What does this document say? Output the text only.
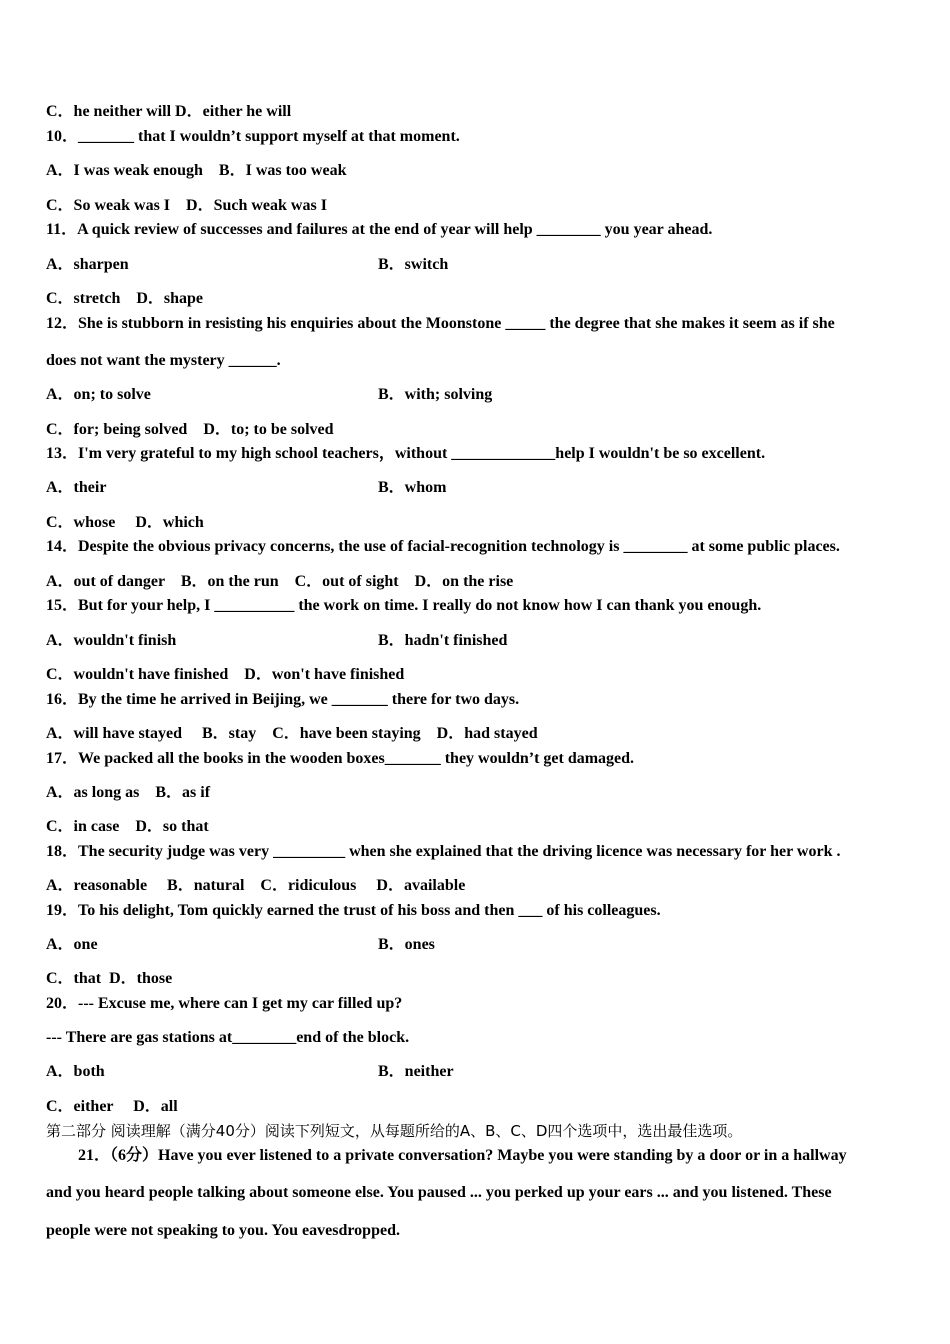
C．he neither will D．either he will
10．_______ that I wouldn’t support myself at that moment.
A．I was weak enough　B．I was too weak
C．So weak was I　D．Such weak was I
11．A quick review of successes and failures at the end of year will help ________ you year ahead.
A．sharpen	B．switch
C．stretch　D．shape
12．She is stubborn in resisting his enquiries about the Moonstone _____ the degree that she makes it seem as if she
does not want the mystery ______.
A．on; to solve	B．with; solving
C．for; being solved　D．to; to be solved
13．I'm very grateful to my high school teachers，without _____________help I wouldn't be so excellent.
A．their	B．whom
C．whose　 D．which
14．Despite the obvious privacy concerns, the use of facial-recognition technology is ________ at some public places.
A．out of danger　B．on the run　C．out of sight　D．on the rise
15．But for your help, I __________ the work on time. I really do not know how I can thank you enough.
A．wouldn't finish	B．hadn't finished
C．wouldn't have finished　D．won't have finished
16．By the time he arrived in Beijing, we _______ there for two days.
A．will have stayed　 B．stay　C．have been staying　D．had stayed
17．We packed all the books in the wooden boxes_______ they wouldn’t get damaged.
A．as long as　B．as if
C．in case　D．so that
18．The security judge was very _________ when she explained that the driving licence was necessary for her work .
A．reasonable　 B．natural　C．ridiculous　 D．available
19．To his delight, Tom quickly earned the trust of his boss and then ___ of his colleagues.
A．one	B．ones
C．that  D．those
20．--- Excuse me, where can I get my car filled up?
--- There are gas stations at________end of the block.
A．both	B．neither
C．either　 D．all
第二部分 阅读理解（满分40分）阅读下列短文，从每题所给的A、B、C、D四个选项中，选出最佳选项。
21．（6分）Have you ever listened to a private conversation? Maybe you were standing by a door or in a hallway
and you heard people talking about someone else. You paused ... you perked up your ears ... and you listened. These
people were not speaking to you. You eavesdropped.
